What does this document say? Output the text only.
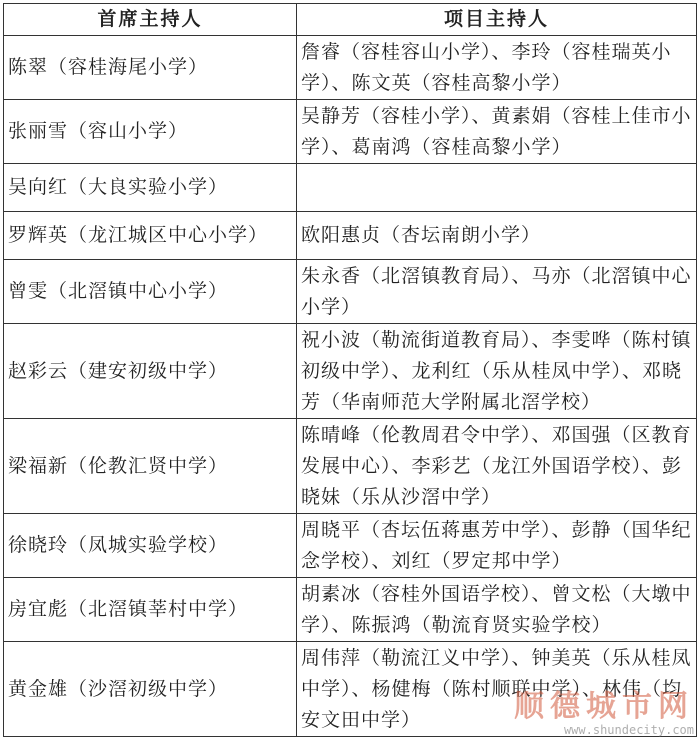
首席主持人	项目主持人
陈翠（容桂海尾小学）	詹睿（容桂容山小学）、李玲（容桂瑞英小学）、陈文英（容桂高黎小学）
张丽雪（容山小学）	吴静芳（容桂小学）、黄素娟（容桂上佳市小学）、葛南鸿（容桂高黎小学）
吴向红（大良实验小学）	
罗辉英（龙江城区中心小学）	欧阳惠贞（杏坛南朗小学）
曾雯（北滘镇中心小学）	朱永香（北滘镇教育局）、马亦（北滘镇中心小学）
赵彩云（建安初级中学）	祝小波（勒流街道教育局）、李雯哗（陈村镇初级中学）、龙利红（乐从桂凤中学）、邓晓芳（华南师范大学附属北滘学校）
梁福新（伦教汇贤中学）	陈晴峰（伦教周君令中学）、邓国强（区教育发展中心）、李彩艺（龙江外国语学校）、彭晓妹（乐从沙滘中学）
徐晓玲（凤城实验学校）	周晓平（杏坛伍蒋惠芳中学）、彭静（国华纪念学校）、刘红（罗定邦中学）
房宜彪（北滘镇莘村中学）	胡素冰（容桂外国语学校）、曾文松（大墩中学）、陈振鸿（勒流育贤实验学校）
黄金雄（沙滘初级中学）	周伟萍（勒流江义中学）、钟美英（乐从桂凤中学）、杨健梅（陈村顺联中学）、林伟（均安文田中学）	顺德城市网
www.shundecity.com
